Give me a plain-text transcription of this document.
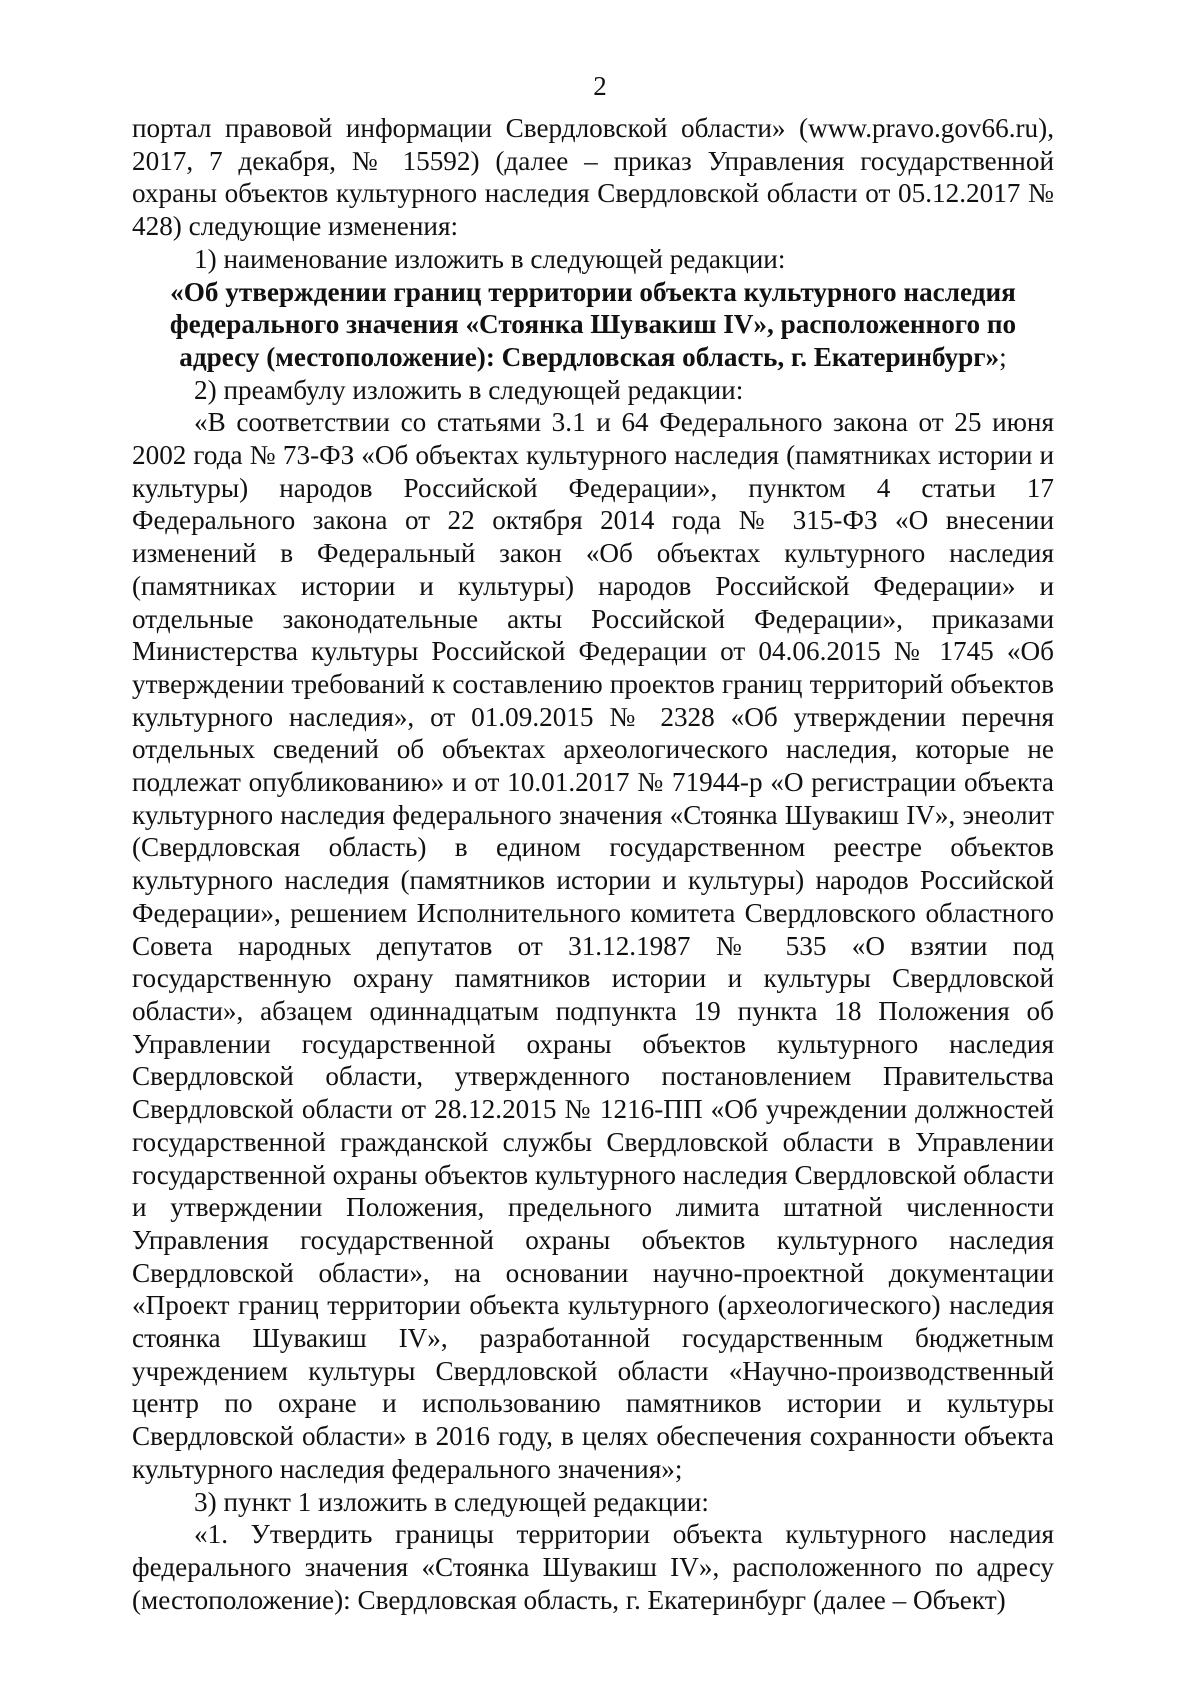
2

портал правовой информации Свердловской области» (www.pravo.gov66.ru), 2017, 7 декабря, № 15592) (далее – приказ Управления государственной охраны объектов культурного наследия Свердловской области от 05.12.2017 № 428) следующие изменения:

1) наименование изложить в следующей редакции:

«Об утверждении границ территории объекта культурного наследия федерального значения «Стоянка Шувакиш IV», расположенного по адресу (местоположение): Свердловская область, г. Екатеринбург»;

2) преамбулу изложить в следующей редакции:

«В соответствии со статьями 3.1 и 64 Федерального закона от 25 июня 2002 года № 73-ФЗ «Об объектах культурного наследия (памятниках истории и культуры) народов Российской Федерации», пунктом 4 статьи 17 Федерального закона от 22 октября 2014 года № 315-ФЗ «О внесении изменений в Федеральный закон «Об объектах культурного наследия (памятниках истории и культуры) народов Российской Федерации» и отдельные законодательные акты Российской Федерации», приказами Министерства культуры Российской Федерации от 04.06.2015 № 1745 «Об утверждении требований к составлению проектов границ территорий объектов культурного наследия», от 01.09.2015 № 2328 «Об утверждении перечня отдельных сведений об объектах археологического наследия, которые не подлежат опубликованию» и от 10.01.2017 № 71944-р «О регистрации объекта культурного наследия федерального значения «Стоянка Шувакиш IV», энеолит (Свердловская область) в едином государственном реестре объектов культурного наследия (памятников истории и культуры) народов Российской Федерации», решением Исполнительного комитета Свердловского областного Совета народных депутатов от 31.12.1987 № 535 «О взятии под государственную охрану памятников истории и культуры Свердловской области», абзацем одиннадцатым подпункта 19 пункта 18 Положения об Управлении государственной охраны объектов культурного наследия Свердловской области, утвержденного постановлением Правительства Свердловской области от 28.12.2015 № 1216-ПП «Об учреждении должностей государственной гражданской службы Свердловской области в Управлении государственной охраны объектов культурного наследия Свердловской области и утверждении Положения, предельного лимита штатной численности Управления государственной охраны объектов культурного наследия Свердловской области», на основании научно-проектной документации «Проект границ территории объекта культурного (археологического) наследия стоянка Шувакиш IV», разработанной государственным бюджетным учреждением культуры Свердловской области «Научно-производственный центр по охране и использованию памятников истории и культуры Свердловской области» в 2016 году, в целях обеспечения сохранности объекта культурного наследия федерального значения»;

3) пункт 1 изложить в следующей редакции:

«1. Утвердить границы территории объекта культурного наследия федерального значения «Стоянка Шувакиш IV», расположенного по адресу (местоположение): Свердловская область, г. Екатеринбург (далее – Объект)
